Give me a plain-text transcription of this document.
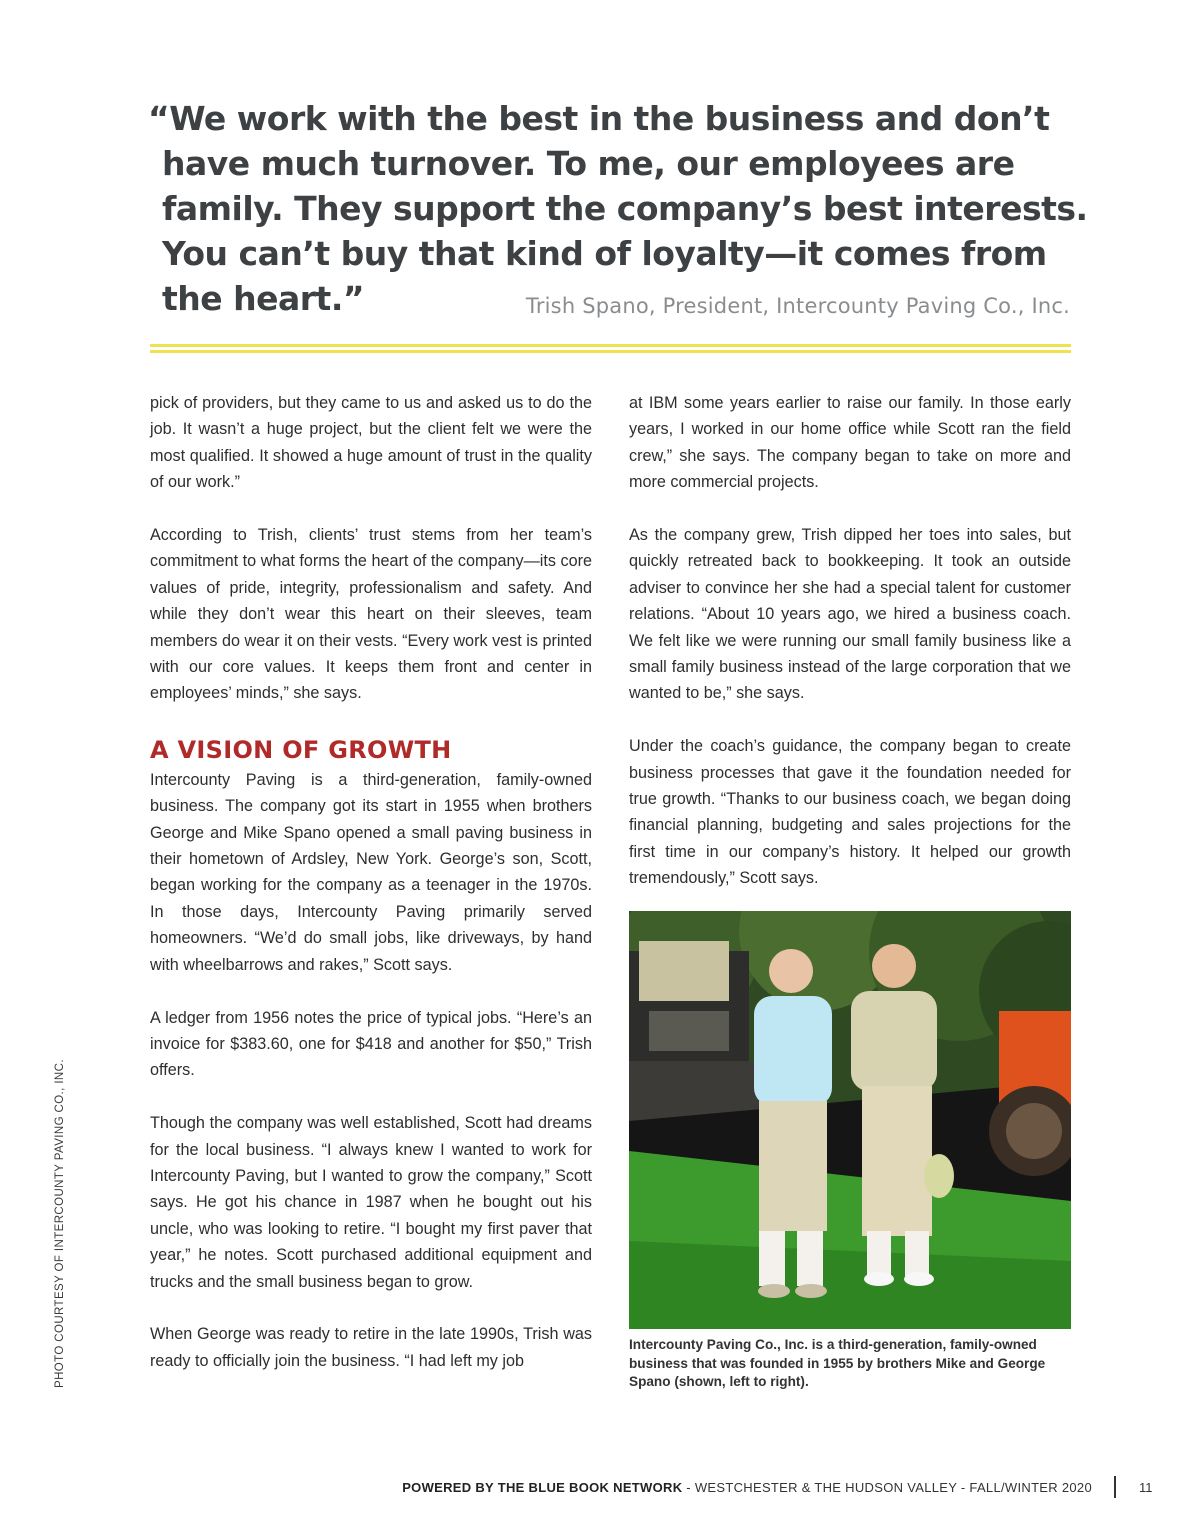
“We work with the best in the business and don’t have much turnover. To me, our employees are family. They support the company’s best interests. You can’t buy that kind of loyalty—it comes from the heart.”	Trish Spano, President, Intercounty Paving Co., Inc.

pick of providers, but they came to us and asked us to do the job. It wasn’t a huge project, but the client felt we were the most qualified. It showed a huge amount of trust in the quality of our work.”

According to Trish, clients’ trust stems from her team’s commitment to what forms the heart of the company—its core values of pride, integrity, professionalism and safety. And while they don’t wear this heart on their sleeves, team members do wear it on their vests. “Every work vest is printed with our core values. It keeps them front and center in employees’ minds,” she says.

A VISION OF GROWTH

Intercounty Paving is a third-generation, family-owned business. The company got its start in 1955 when brothers George and Mike Spano opened a small paving business in their hometown of Ardsley, New York. George’s son, Scott, began working for the company as a teenager in the 1970s. In those days, Intercounty Paving primarily served homeowners. “We’d do small jobs, like driveways, by hand with wheelbarrows and rakes,” Scott says.

A ledger from 1956 notes the price of typical jobs. “Here’s an invoice for $383.60, one for $418 and another for $50,” Trish offers.

Though the company was well established, Scott had dreams for the local business. “I always knew I wanted to work for Intercounty Paving, but I wanted to grow the company,” Scott says. He got his chance in 1987 when he bought out his uncle, who was looking to retire. “I bought my first paver that year,” he notes. Scott purchased additional equipment and trucks and the small business began to grow.

When George was ready to retire in the late 1990s, Trish was ready to officially join the business. “I had left my job

at IBM some years earlier to raise our family. In those early years, I worked in our home office while Scott ran the field crew,” she says. The company began to take on more and more commercial projects.

As the company grew, Trish dipped her toes into sales, but quickly retreated back to bookkeeping. It took an outside adviser to convince her she had a special talent for customer relations. “About 10 years ago, we hired a business coach. We felt like we were running our small family business like a small family business instead of the large corporation that we wanted to be,” she says.

Under the coach’s guidance, the company began to create business processes that gave it the foundation needed for true growth. “Thanks to our business coach, we began doing financial planning, budgeting and sales projections for the first time in our company’s history. It helped our growth tremendously,” Scott says.

Intercounty Paving Co., Inc. is a third-generation, family-owned business that was founded in 1955 by brothers Mike and George Spano (shown, left to right).
PHOTO COURTESY OF INTERCOUNTY PAVING CO., INC.
POWERED BY THE BLUE BOOK NETWORK - WESTCHESTER & THE HUDSON VALLEY - FALL/WINTER 2020	11
